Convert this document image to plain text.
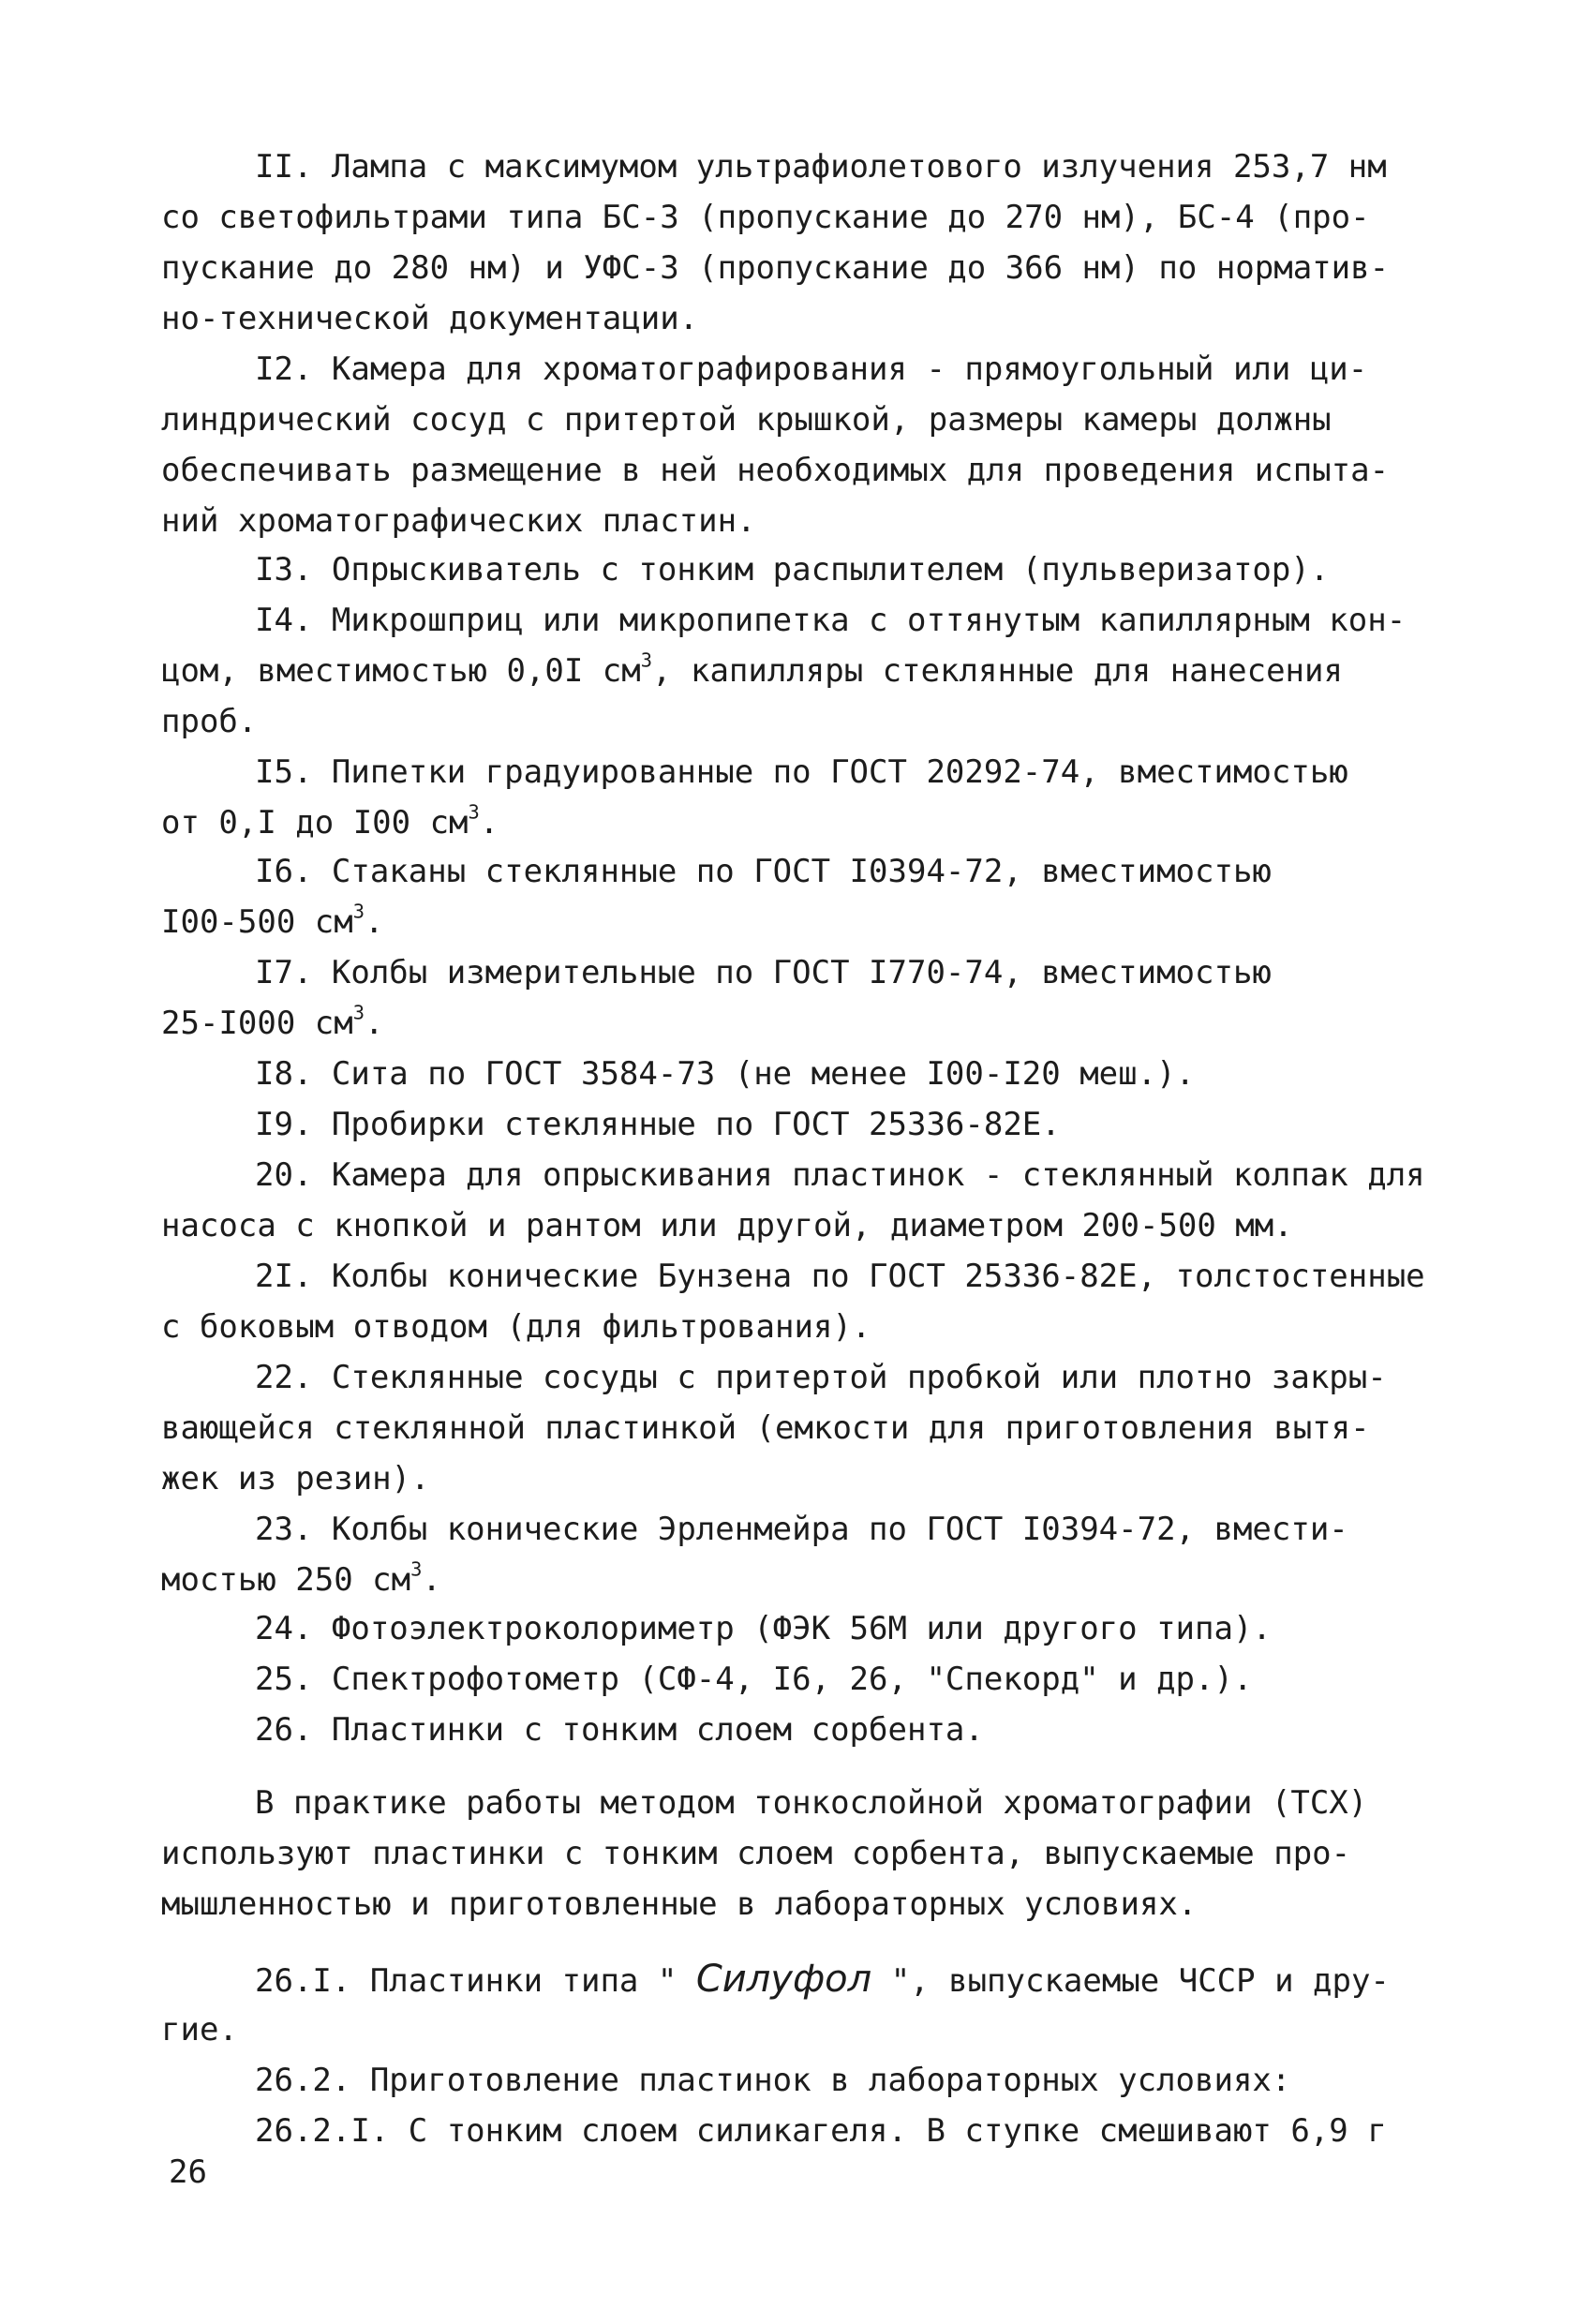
II. Лампа с максимумом ультрафиолетового излучения 253,7 нм
со светофильтрами типа БС-3 (пропускание до 270 нм), БС-4 (про-
пускание до 280 нм) и УФС-3 (пропускание до 366 нм) по норматив-
но-технической документации.
I2. Камера для хроматографирования - прямоугольный или ци-
линдрический сосуд с притертой крышкой, размеры камеры должны
обеспечивать размещение в ней необходимых для проведения испыта-
ний хроматографических пластин.
I3. Опрыскиватель с тонким распылителем (пульверизатор).
I4. Микрошприц или микропипетка с оттянутым капиллярным кон-
цом, вместимостью 0,0I $см^3$, капилляры стеклянные для нанесения
проб.
I5. Пипетки градуированные по ГОСТ 20292-74, вместимостью
от 0,I до I00 $см^3$.
I6. Стаканы стеклянные по ГОСТ I0394-72, вместимостью
I00-500 $см^3$.
I7. Колбы измерительные по ГОСТ I770-74, вместимостью
25-I000 $см^3$.
I8. Сита по ГОСТ 3584-73 (не менее I00-I20 меш.).
I9. Пробирки стеклянные по ГОСТ 25336-82Е.
20. Камера для опрыскивания пластинок - стеклянный колпак для
насоса с кнопкой и рантом или другой, диаметром 200-500 мм.
2I. Колбы конические Бунзена по ГОСТ 25336-82Е, толстостенные
с боковым отводом (для фильтрования).
22. Стеклянные сосуды с притертой пробкой или плотно закры-
вающейся стеклянной пластинкой (емкости для приготовления вытя-
жек из резин).
23. Колбы конические Эрленмейра по ГОСТ I0394-72, вмести-
мостью 250 $см^3$.
24. Фотоэлектроколориметр (ФЭК 56М или другого типа).
25. Спектрофотометр (СФ-4, I6, 26, "Спекорд" и др.).
26. Пластинки с тонким слоем сорбента.
В практике работы методом тонкослойной хроматографии (ТСХ)
используют пластинки с тонким слоем сорбента, выпускаемые про-
мышленностью и приготовленные в лабораторных условиях.
26.I. Пластинки типа " Силуфол ", выпускаемые ЧССР и дру-
гие.
26.2. Приготовление пластинок в лабораторных условиях:
26.2.I. С тонким слоем силикагеля. В ступке смешивают 6,9 г
26
